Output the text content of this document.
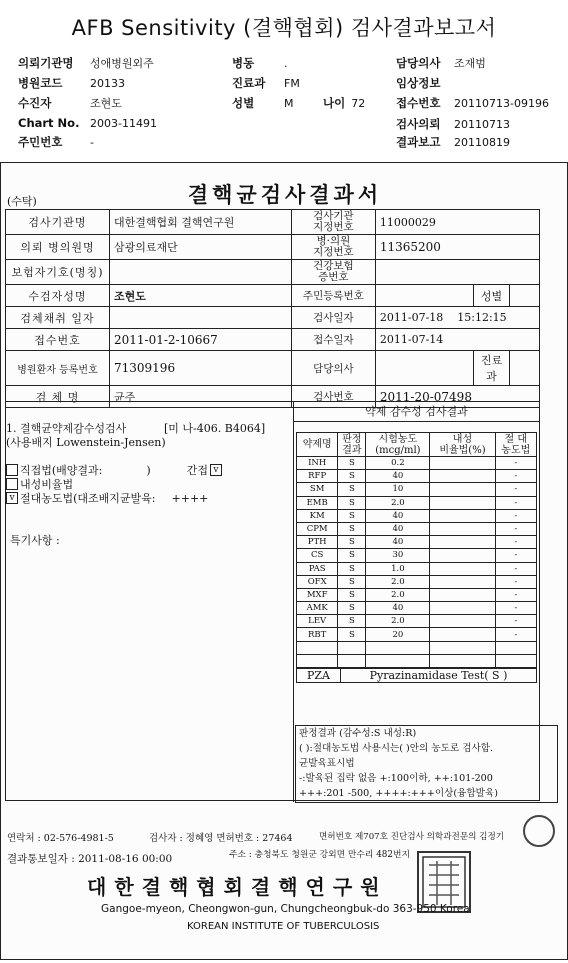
AFB Sensitivity (결핵협회) 검사결과보고서
의뢰기관명 성애병원외주
병원코드	20133
수진자	조현도
Chart No. 2003-11491
주민번호	-
병동	.
진료과 FM
성별	M
담당의사 조재범
임상정보
접수번호 20110713-09196
검사의뢰 20110713
결과보고 20110819
나이 72
(수탁)	결핵균검사결과서
검사기관명	대한결핵협회 결핵연구원	검사기관
지정번호	11000029		
의뢰 병의원명	삼광의료재단	병·의원
지정번호	11365200		
보험자기호(명칭)		건강보험
증번호			
수검자성명	조현도	주민등록번호		성별	
검체채취 일자		검사일자	2011-07-18    15:12:15		
접수번호	2011-01-2-10667	접수일자	2011-07-14		
병원환자 등록번호	71309196	담당의사		진료과	
검 체 명	균주	검사번호	2011-20-07498		
1. 결핵균약제감수성검사	[미 나-406. B4064]
(사용배지 Lowenstein-Jensen)
직접법(배양결과:	)	간접 v
내성비율법
v 절대농도법(대조배지균발육: ++++
특기사항 :
약제 감수성 검사결과
약제명	판정
결과	시험농도
(mcg/ml)	내성
비율법(%)	절 대
농도법
INH	S	0.2		-
RFP	S	40		-
SM	S	10		-
EMB	S	2.0		-
KM	S	40		-
CPM	S	40		-
PTH	S	40		-
CS	S	30		-
PAS	S	1.0		-
OFX	S	2.0		-
MXF	S	2.0		-
AMK	S	40		-
LEV	S	2.0		-
RBT	S	20		-

PZA	Pyrazinamidase Test( S )
판정결과 (감수성:S 내성:R)
( ):절대농도법 사용시는( )안의 농도로 검사함.
균발육표시법
-:발육된 집락 없음 +:100이하, ++:101-200
+++:201 -500, ++++:+++이상(융합발육)
연락처 : 02-576-4981-5	검사자 : 정혜영 면허번호 : 27464	면허번호 제707호 진단검사 의학과전문의 김정기
결과통보일자 : 2011-08-16 00:00	주소 : 충청북도 청원군 강외면 만수리 482번지
대한결핵협회결핵연구원
Gangoe-myeon, Cheongwon-gun, Chungcheongbuk-do 363-950 Korea
KOREAN INSTITUTE OF TUBERCULOSIS
